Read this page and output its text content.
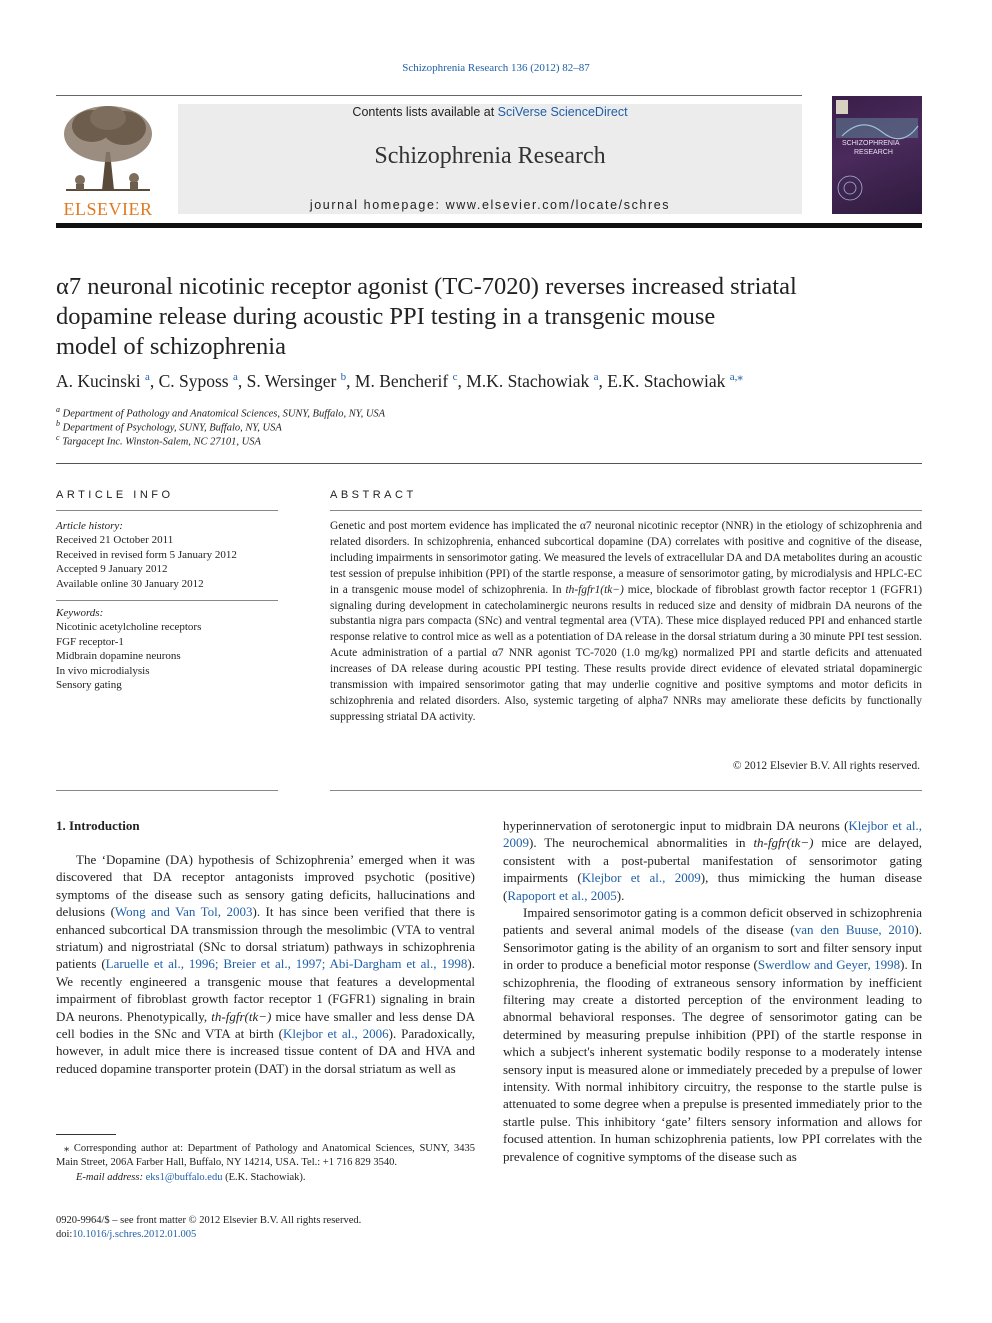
Schizophrenia Research 136 (2012) 82–87
ELSEVIER
Contents lists available at SciVerse ScienceDirect
Schizophrenia Research
journal homepage: www.elsevier.com/locate/schres
SCHIZOPHRENIA
RESEARCH
α7 neuronal nicotinic receptor agonist (TC-7020) reverses increased striatal
dopamine release during acoustic PPI testing in a transgenic mouse
model of schizophrenia
A. Kucinski $^a$, C. Syposs $^a$, S. Wersinger $^b$, M. Bencherif $^c$, M.K. Stachowiak $^a$, E.K. Stachowiak $^{a,⁎}$
$^a$ Department of Pathology and Anatomical Sciences, SUNY, Buffalo, NY, USA
$^b$ Department of Psychology, SUNY, Buffalo, NY, USA
$^c$ Targacept Inc. Winston-Salem, NC 27101, USA
ARTICLE INFO
Article history:
Received 21 October 2011
Received in revised form 5 January 2012
Accepted 9 January 2012
Available online 30 January 2012
Keywords:
Nicotinic acetylcholine receptors
FGF receptor-1
Midbrain dopamine neurons
In vivo microdialysis
Sensory gating
ABSTRACT

Genetic and post mortem evidence has implicated the α7 neuronal nicotinic receptor (NNR) in the etiology of schizophrenia and related disorders. In schizophrenia, enhanced subcortical dopamine (DA) correlates with positive and cognitive of the disease, including impairments in sensorimotor gating. We measured the levels of extracellular DA and DA metabolites during an acoustic test session of prepulse inhibition (PPI) of the startle response, a measure of sensorimotor gating, by microdialysis and HPLC-EC in a transgenic mouse model of schizophrenia. In th-fgfr1(tk−) mice, blockade of fibroblast growth factor receptor 1 (FGFR1) signaling during development in catecholaminergic neurons results in reduced size and density of midbrain DA neurons of the substantia nigra pars compacta (SNc) and ventral tegmental area (VTA). These mice displayed reduced PPI and enhanced startle response relative to control mice as well as a potentiation of DA release in the dorsal striatum during a 30 minute PPI test session. Acute administration of a partial α7 NNR agonist TC-7020 (1.0 mg/kg) normalized PPI and startle deficits and attenuated increases of DA release during acoustic PPI testing. These results provide direct evidence of elevated striatal dopaminergic transmission with impaired sensorimotor gating that may underlie cognitive and positive symptoms and motor deficits in schizophrenia and related disorders. Also, systemic targeting of alpha7 NNRs may ameliorate these deficits by functionally suppressing striatal DA activity.

© 2012 Elsevier B.V. All rights reserved.
1. Introduction

The ‘Dopamine (DA) hypothesis of Schizophrenia’ emerged when it was discovered that DA receptor antagonists improved psychotic (positive) symptoms of the disease such as sensory gating deficits, hallucinations and delusions (Wong and Van Tol, 2003). It has since been verified that there is enhanced subcortical DA transmission through the mesolimbic (VTA to ventral striatum) and nigrostriatal (SNc to dorsal striatum) pathways in schizophrenia patients (Laruelle et al., 1996; Breier et al., 1997; Abi-Dargham et al., 1998). We recently engineered a transgenic mouse that features a developmental impairment of fibroblast growth factor receptor 1 (FGFR1) signaling in brain DA neurons. Phenotypically, th-fgfr(tk−) mice have smaller and less dense DA cell bodies in the SNc and VTA at birth (Klejbor et al., 2006). Paradoxically, however, in adult mice there is increased tissue content of DA and HVA and reduced dopamine transporter protein (DAT) in the dorsal striatum as well as

hyperinnervation of serotonergic input to midbrain DA neurons (Klejbor et al., 2009). The neurochemical abnormalities in th-fgfr(tk−) mice are delayed, consistent with a post-pubertal manifestation of sensorimotor gating impairments (Klejbor et al., 2009), thus mimicking the human disease (Rapoport et al., 2005).

Impaired sensorimotor gating is a common deficit observed in schizophrenia patients and several animal models of the disease (van den Buuse, 2010). Sensorimotor gating is the ability of an organism to sort and filter sensory input in order to produce a beneficial motor response (Swerdlow and Geyer, 1998). In schizophrenia, the flooding of extraneous sensory information by inefficient filtering may create a distorted perception of the environment leading to abnormal behavioral responses. The degree of sensorimotor gating can be determined by measuring prepulse inhibition (PPI) of the startle response in which a subject's inherent systematic bodily response to a moderately intense sensory input is measured alone or immediately preceded by a prepulse of lower intensity. With normal inhibitory circuitry, the response to the startle pulse is attenuated to some degree when a prepulse is presented immediately prior to the startle pulse. This inhibitory ‘gate’ filters sensory information and allows for focused attention. In human schizophrenia patients, low PPI correlates with the prevalence of cognitive symptoms of the disease such as

⁎ Corresponding author at: Department of Pathology and Anatomical Sciences, SUNY, 3435 Main Street, 206A Farber Hall, Buffalo, NY 14214, USA. Tel.: +1 716 829 3540.
E-mail address: eks1@buffalo.edu (E.K. Stachowiak).
0920-9964/$ – see front matter © 2012 Elsevier B.V. All rights reserved.
doi:10.1016/j.schres.2012.01.005
